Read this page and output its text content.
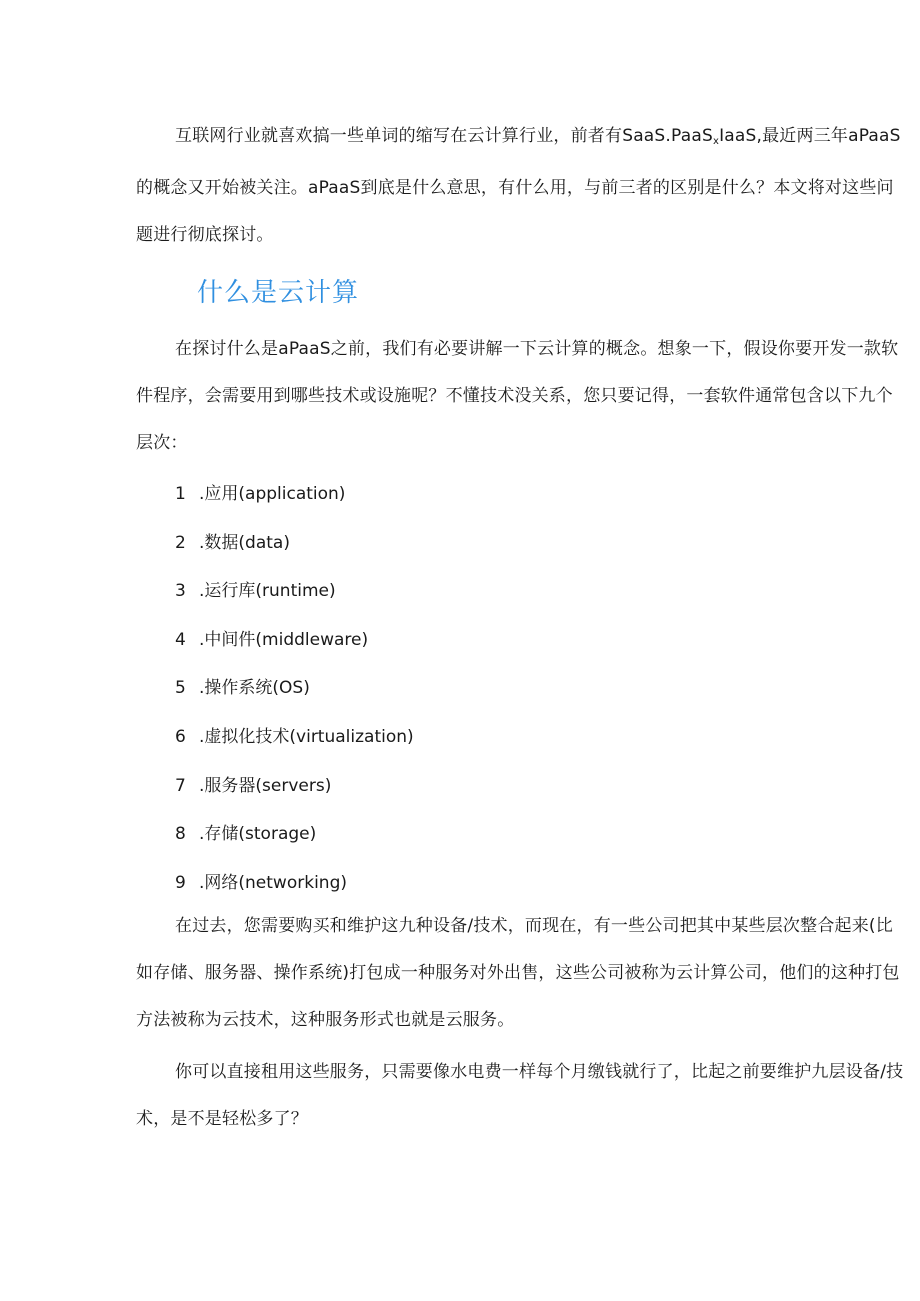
互联网行业就喜欢搞一些单词的缩写在云计算行业，前者有SaaS.PaaS$_x$IaaS,最近两三年aPaaS的概念又开始被关注。aPaaS到底是什么意思，有什么用，与前三者的区别是什么？本文将对这些问题进行彻底探讨。

什么是云计算

在探讨什么是aPaaS之前，我们有必要讲解一下云计算的概念。想象一下，假设你要开发一款软件程序，会需要用到哪些技术或设施呢？不懂技术没关系，您只要记得，一套软件通常包含以下九个层次：

1 .应用(application)
2 .数据(data)
3 .运行库(runtime)
4 .中间件(middleware)
5 .操作系统(OS)
6 .虚拟化技术(virtualization)
7 .服务器(servers)
8 .存储(storage)
9 .网络(networking)

在过去，您需要购买和维护这九种设备/技术，而现在，有一些公司把其中某些层次整合起来(比如存储、服务器、操作系统)打包成一种服务对外出售，这些公司被称为云计算公司，他们的这种打包方法被称为云技术，这种服务形式也就是云服务。

你可以直接租用这些服务，只需要像水电费一样每个月缴钱就行了，比起之前要维护九层设备/技术，是不是轻松多了？
